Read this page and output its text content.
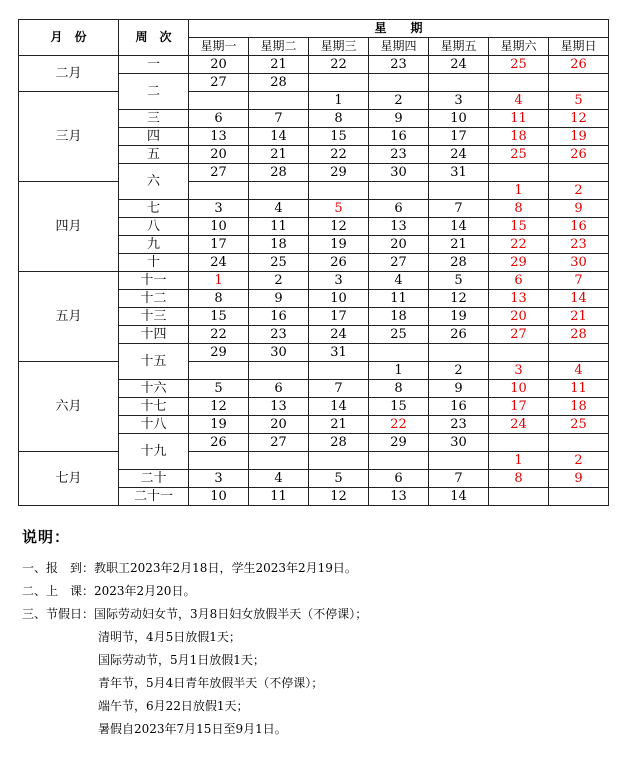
月　份	周　次	星　　期						
		星期一	星期二	星期三	星期四	星期五	星期六	星期日
二月	一	20	21	22	23	24	25	26
	二	27	28					
三月				1	2	3	4	5
	三	6	7	8	9	10	11	12
	四	13	14	15	16	17	18	19
	五	20	21	22	23	24	25	26
	六	27	28	29	30	31		
四月							1	2
	七	3	4	5	6	7	8	9
	八	10	11	12	13	14	15	16
	九	17	18	19	20	21	22	23
	十	24	25	26	27	28	29	30
五月	十一	1	2	3	4	5	6	7
	十二	8	9	10	11	12	13	14
	十三	15	16	17	18	19	20	21
	十四	22	23	24	25	26	27	28
	十五	29	30	31				
六月					1	2	3	4
	十六	5	6	7	8	9	10	11
	十七	12	13	14	15	16	17	18
	十八	19	20	21	22	23	24	25
	十九	26	27	28	29	30		
七月							1	2
	二十	3	4	5	6	7	8	9
	二十一	10	11	12	13	14		
说明：
一、报　到：教职工2023年2月18日，学生2023年2月19日。
二、上　课：2023年2月20日。
三、节假日：国际劳动妇女节，3月8日妇女放假半天（不停课）；
清明节，4月5日放假1天；
国际劳动节，5月1日放假1天；
青年节，5月4日青年放假半天（不停课）；
端午节，6月22日放假1天；
暑假自2023年7月15日至9月1日。
